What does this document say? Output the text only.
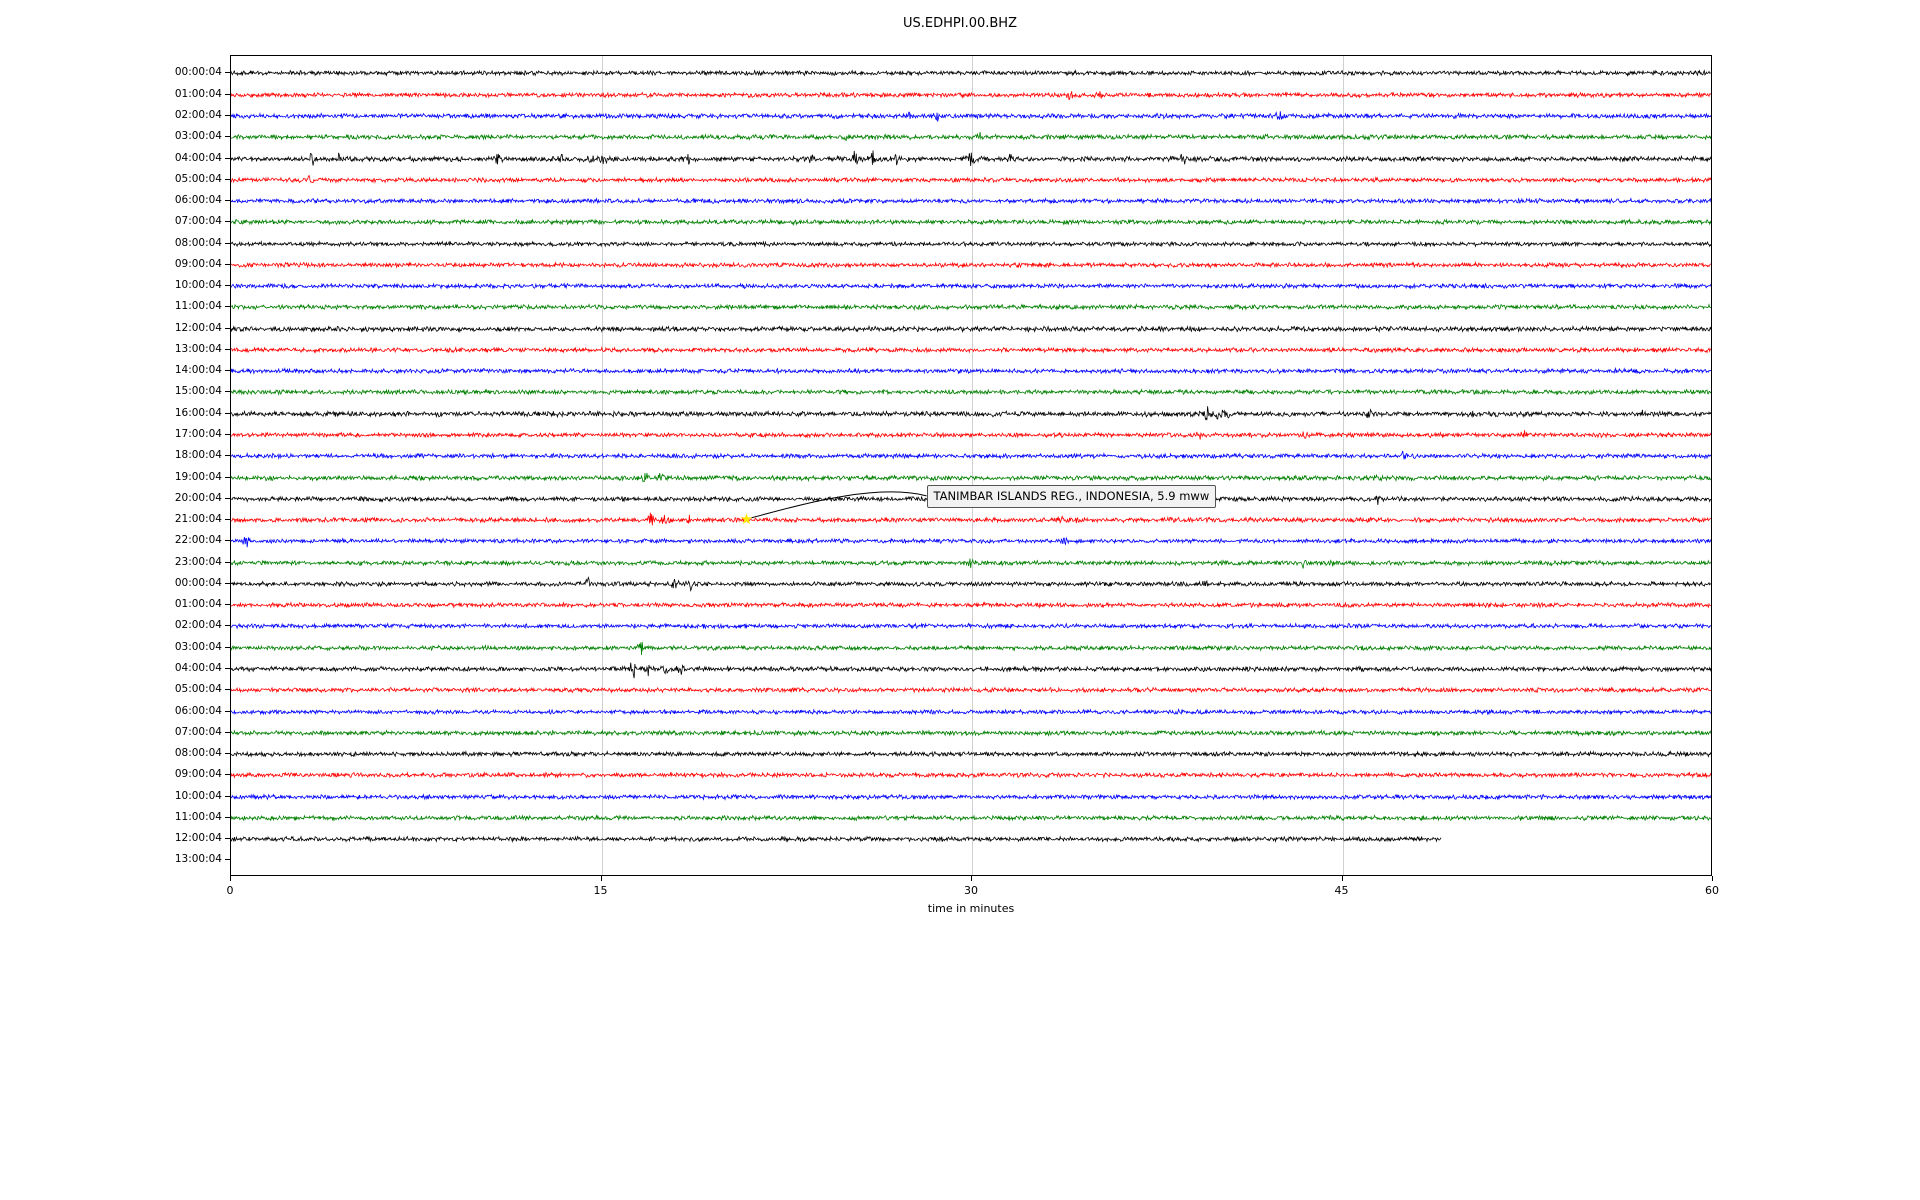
US.EDHPI.00.BHZ
00:00:04
01:00:04
02:00:04
03:00:04
04:00:04
05:00:04
06:00:04
07:00:04
08:00:04
09:00:04
10:00:04
11:00:04
12:00:04
13:00:04
14:00:04
15:00:04
16:00:04
17:00:04
18:00:04
19:00:04
20:00:04
21:00:04
22:00:04
23:00:04
00:00:04
01:00:04
02:00:04
03:00:04
04:00:04
05:00:04
06:00:04
07:00:04
08:00:04
09:00:04
10:00:04
11:00:04
12:00:04
13:00:04
★
TANIMBAR ISLANDS REG., INDONESIA, 5.9 mww
time in minutes
0	15	30	45	60
